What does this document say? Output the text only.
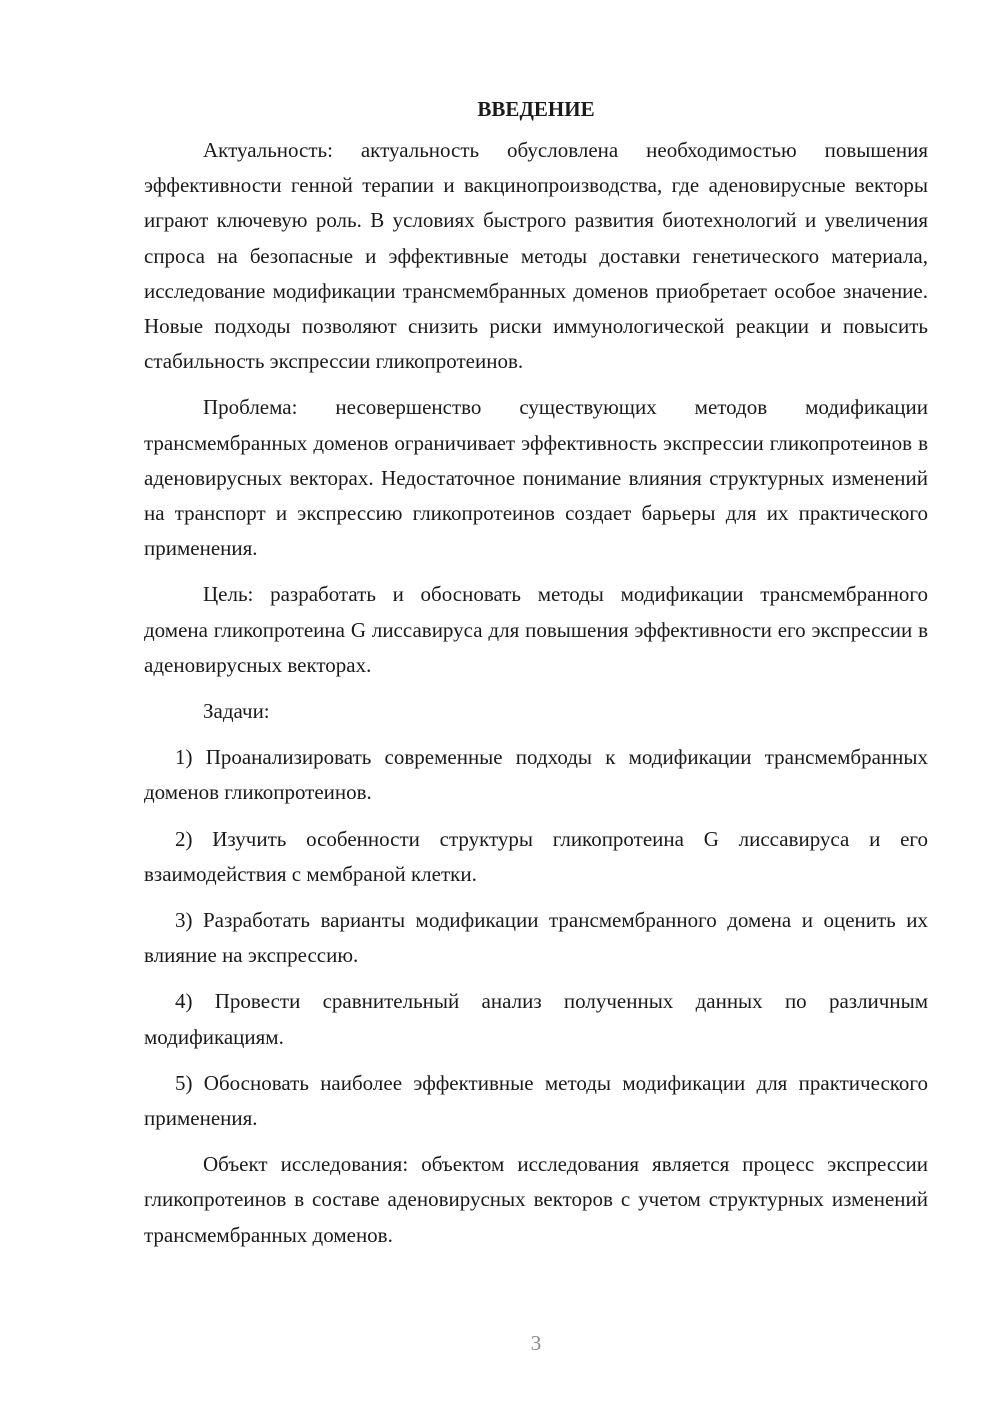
ВВЕДЕНИЕ

Актуальность: актуальность обусловлена необходимостью повышения эффективности генной терапии и вакцинопроизводства, где аденовирусные векторы играют ключевую роль. В условиях быстрого развития биотехнологий и увеличения спроса на безопасные и эффективные методы доставки генетического материала, исследование модификации трансмембранных доменов приобретает особое значение. Новые подходы позволяют снизить риски иммунологической реакции и повысить стабильность экспрессии гликопротеинов.

Проблема: несовершенство существующих методов модификации трансмембранных доменов ограничивает эффективность экспрессии гликопротеинов в аденовирусных векторах. Недостаточное понимание влияния структурных изменений на транспорт и экспрессию гликопротеинов создает барьеры для их практического применения.

Цель: разработать и обосновать методы модификации трансмембранного домена гликопротеина G лиссавируса для повышения эффективности его экспрессии в аденовирусных векторах.

Задачи:

1) Проанализировать современные подходы к модификации трансмембранных доменов гликопротеинов.

2) Изучить особенности структуры гликопротеина G лиссавируса и его взаимодействия с мембраной клетки.

3) Разработать варианты модификации трансмембранного домена и оценить их влияние на экспрессию.

4) Провести сравнительный анализ полученных данных по различным модификациям.

5) Обосновать наиболее эффективные методы модификации для практического применения.

Объект исследования: объектом исследования является процесс экспрессии гликопротеинов в составе аденовирусных векторов с учетом структурных изменений трансмембранных доменов.

3
